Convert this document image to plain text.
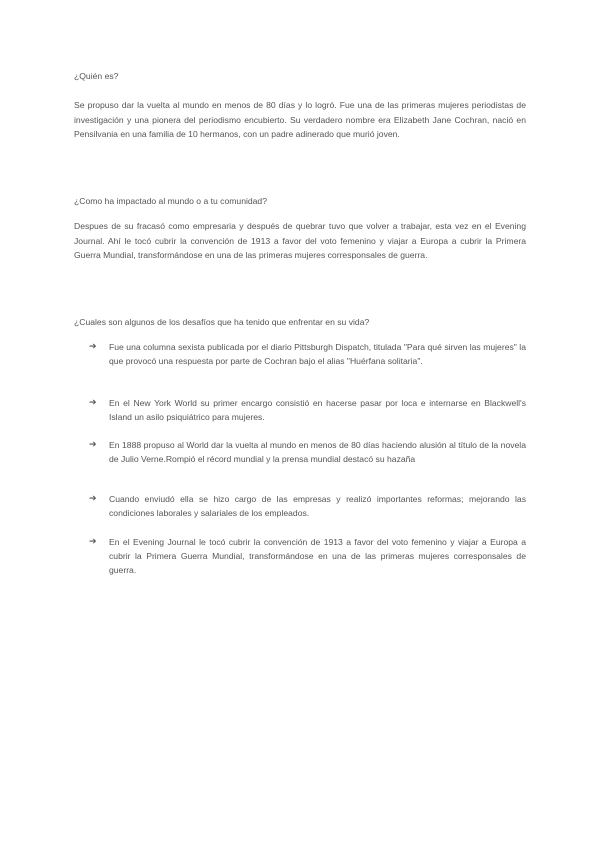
¿Quién es?

Se propuso dar la vuelta al mundo en menos de 80 días y lo logró. Fue una de las primeras mujeres periodistas de investigación y una pionera del periodismo encubierto. Su verdadero nombre era Elizabeth Jane Cochran, nació en Pensilvania en una familia de 10 hermanos, con un padre adinerado que murió joven.

¿Como ha impactado al mundo o a tu comunidad?

Despues de su fracasó como empresaria y después de quebrar tuvo que volver a trabajar, esta vez en el Evening Journal. Ahí le tocó cubrir la convención de 1913 a favor del voto femenino y viajar a Europa a cubrir la Primera Guerra Mundial, transformándose en una de las primeras mujeres corresponsales de guerra.

¿Cuales son algunos de los desafíos que ha tenido que enfrentar en su vida?
➔	Fue una columna sexista publicada por el diario Pittsburgh Dispatch, titulada "Para qué sirven las mujeres" la que provocó una respuesta por parte de Cochran bajo el alias "Huérfana solitaria".
➔	En el New York World su primer encargo consistió en hacerse pasar por loca e internarse en Blackwell's Island un asilo psiquiátrico para mujeres.
➔	En 1888 propuso al World dar la vuelta al mundo en menos de 80 días haciendo alusión al título de la novela de Julio Verne.Rompió el récord mundial y la prensa mundial destacó su hazaña
➔	Cuando enviudó ella se hizo cargo de las empresas y realizó importantes reformas; mejorando las condiciones laborales y salariales de los empleados.
➔	En el Evening Journal le tocó cubrir la convención de 1913 a favor del voto femenino y viajar a Europa a cubrir la Primera Guerra Mundial, transformándose en una de las primeras mujeres corresponsales de guerra.
